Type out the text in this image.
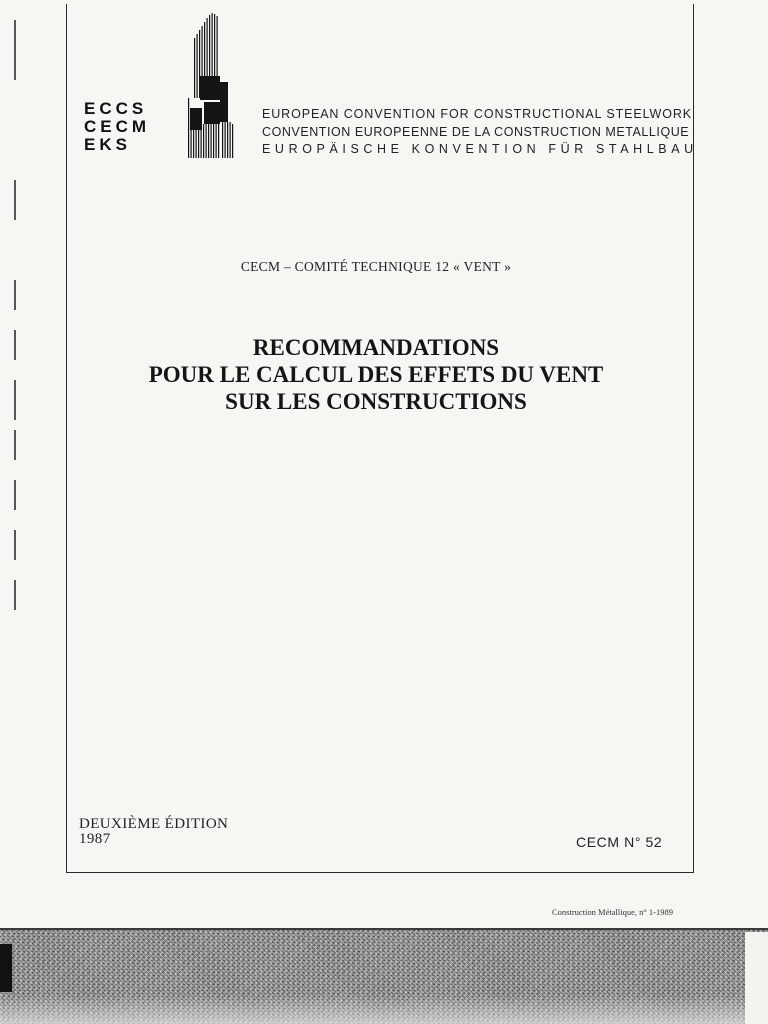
ECCS
CECM
EKS
EUROPEAN CONVENTION FOR CONSTRUCTIONAL STEELWORK
CONVENTION EUROPEENNE DE LA CONSTRUCTION METALLIQUE
EUROPÄISCHE KONVENTION FÜR STAHLBAU
CECM – COMITÉ TECHNIQUE 12 « VENT »
RECOMMANDATIONS
POUR LE CALCUL DES EFFETS DU VENT
SUR LES CONSTRUCTIONS
DEUXIÈME ÉDITION
1987	CECM N° 52
Construction Métallique, n° 1-1989
